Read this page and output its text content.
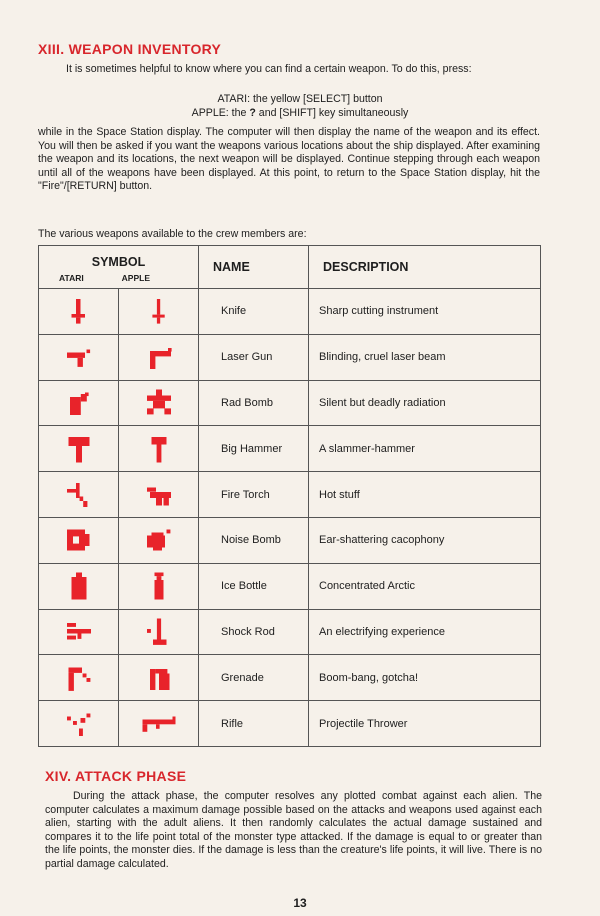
XIII. WEAPON INVENTORY

It is sometimes helpful to know where you can find a certain weapon. To do this, press:

ATARI: the yellow [SELECT] button
APPLE: the ? and [SHIFT] key simultaneously

while in the Space Station display. The computer will then display the name of the weapon and its effect. You will then be asked if you want the weapons various locations about the ship displayed. After examining the weapon and its locations, the next weapon will be displayed. Continue stepping through each weapon until all of the weapons have been displayed. At this point, to return to the Space Station display, hit the "Fire"/[RETURN] button.

The various weapons available to the crew members are:

SYMBOL
ATARI APPLE		NAME	DESCRIPTION

	Knife	Sharp cutting instrument

	Laser Gun	Blinding, cruel laser beam

	Rad Bomb	Silent but deadly radiation

	Big Hammer	A slammer-hammer

	Fire Torch	Hot stuff

	Noise Bomb	Ear-shattering cacophony

	Ice Bottle	Concentrated Arctic

	Shock Rod	An electrifying experience

	Grenade	Boom-bang, gotcha!

	Rifle	Projectile Thrower
XIV. ATTACK PHASE

During the attack phase, the computer resolves any plotted combat against each alien. The computer calculates a maximum damage possible based on the attacks and weapons used against each alien, starting with the adult aliens. It then randomly calculates the actual damage sustained and compares it to the life point total of the monster type attacked. If the damage is equal to or greater than the life points, the monster dies. If the damage is less than the creature's life points, it will live. There is no partial damage calculated.

13
